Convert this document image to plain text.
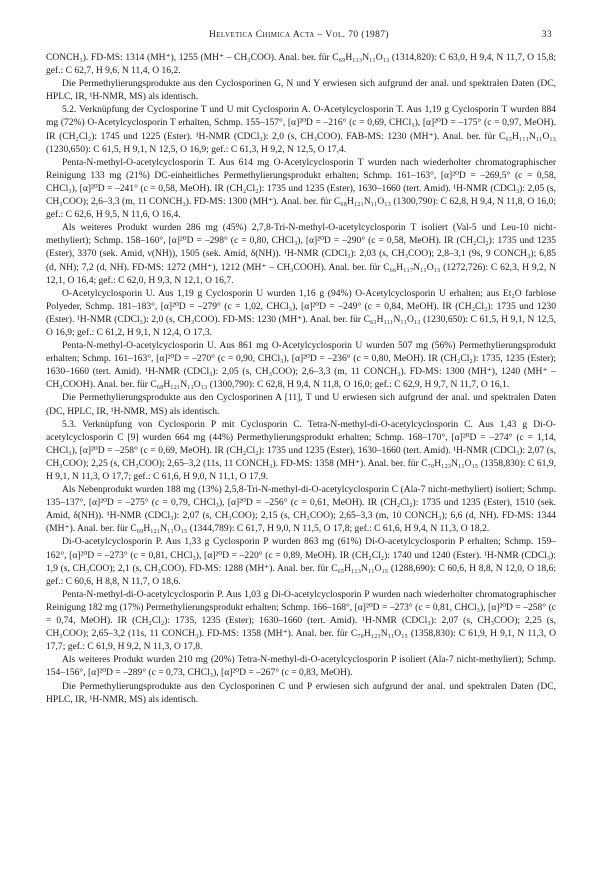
Helvetica Chimica Acta – Vol. 70 (1987)	33

CONCH₃). FD-MS: 1314 (MH⁺), 1255 (MH⁺ – CH₃COO). Anal. ber. für C₆₉H₁₁₃N₁₁O₁₃ (1314,820): C 63,0, H 9,4, N 11,7, O 15,8; gef.: C 62,7, H 9,6, N 11,4, O 16,2.

Die Permethylierungsprodukte aus den Cyclosporinen G, N und Y erwiesen sich aufgrund der anal. und spektralen Daten (DC, HPLC, IR, ¹H-NMR, MS) als identisch.

5.2. Verknüpfung der Cyclosporine T und U mit Cyclosporin A. O-Acetylcyclosporin T. Aus 1,19 g Cyclosporin T wurden 884 mg (72%) O-Acetylcyclosporin T erhalten, Schmp. 155–157°, [α]²⁰D = –216° (c = 0,69, CHCl₃), [α]²⁰D = –175° (c = 0,97, MeOH). IR (CH₂Cl₂): 1745 und 1225 (Ester). ¹H-NMR (CDCl₃): 2,0 (s, CH₃COO). FAB-MS: 1230 (MH⁺). Anal. ber. für C₆₃H₁₁₁N₁₁O₁₃ (1230,650): C 61,5, H 9,1, N 12,5, O 16,9; gef.: C 61,3, H 9,2, N 12,5, O 17,4.

Penta-N-methyl-O-acetylcyclosporin T. Aus 614 mg O-Acetylcyclosporin T wurden nach wiederholter chromatographischer Reinigung 133 mg (21%) DC-einheitliches Permethylierungsprodukt erhalten; Schmp. 161–163°, [α]²⁰D = –269,5° (c = 0,58, CHCl₃), [α]²⁰D = –241° (c = 0,58, MeOH). IR (CH₂Cl₂): 1735 und 1235 (Ester), 1630–1660 (tert. Amid). ¹H-NMR (CDCl₃): 2,05 (s, CH₃COO); 2,6–3,3 (m, 11 CONCH₃). FD-MS: 1300 (MH⁺). Anal. ber. für C₆₈H₁₂₁N₁₁O₁₃ (1300,790): C 62,8, H 9,4, N 11,8, O 16,0; gef.: C 62,6, H 9,5, N 11,6, O 16,4.

Als weiteres Produkt wurden 286 mg (45%) 2,7,8-Tri-N-methyl-O-acetylcyclosporin T isoliert (Val-5 und Leu-10 nicht-methyliert); Schmp. 158–160°, [α]²⁰D = –298° (c = 0,80, CHCl₃), [α]²⁰D = –290° (c = 0,58, MeOH). IR (CH₂Cl₂): 1735 und 1235 (Ester), 3370 (sek. Amid, ν(NH)), 1505 (sek. Amid, δ(NH)). ¹H-NMR (CDCl₃): 2,03 (s, CH₃COO); 2,8–3,1 (9s, 9 CONCH₃); 6,85 (d, NH); 7,2 (d, NH). FD-MS: 1272 (MH⁺), 1212 (MH⁺ – CH₃COOH). Anal. ber. für C₆₆H₁₁₇N₁₁O₁₃ (1272,726): C 62,3, H 9,2, N 12,1, O 16,4; gef.: C 62,0, H 9,3, N 12,1, O 16,7.

O-Acetylcyclosporin U. Aus 1,19 g Cyclosporin U wurden 1,16 g (94%) O-Acetylcyclosporin U erhalten; aus Et₂O farblose Polyeder, Schmp. 181–183°, [α]²⁰D = –279° (c = 1,02, CHCl₃), [α]²⁰D = –249° (c = 0,84, MeOH). IR (CH₂Cl₂): 1735 und 1230 (Ester). ¹H-NMR (CDCl₃): 2,0 (s, CH₃COO). FD-MS: 1230 (MH⁺). Anal. ber. für C₆₃H₁₁₁N₁₁O₁₃ (1230,650): C 61,5, H 9,1, N 12,5, O 16,9; gef.: C 61,2, H 9,1, N 12,4, O 17,3.

Penta-N-methyl-O-acetylcyclosporin U. Aus 861 mg O-Acetylcyclosporin U wurden 507 mg (56%) Permethylierungsprodukt erhalten; Schmp. 161–163°, [α]²⁰D = –270° (c = 0,90, CHCl₃), [α]²⁰D = –236° (c = 0,80, MeOH). IR (CH₂Cl₂): 1735, 1235 (Ester); 1630–1660 (tert. Amid). ¹H-NMR (CDCl₃): 2,05 (s, CH₃COO); 2,6–3,3 (m, 11 CONCH₃). FD-MS: 1300 (MH⁺), 1240 (MH⁺ – CH₃COOH). Anal. ber. für C₆₈H₁₂₁N₁₁O₁₃ (1300,790): C 62,8, H 9,4, N 11,8, O 16,0; gef.: C 62,9, H 9,7, N 11,7, O 16,1.

Die Permethylierungsprodukte aus den Cyclosporinen A [11], T und U erwiesen sich aufgrund der anal. und spektralen Daten (DC, HPLC, IR, ¹H-NMR, MS) als identisch.

5.3. Verknüpfung von Cyclosporin P mit Cyclosporin C. Tetra-N-methyl-di-O-acetylcyclosporin C. Aus 1,43 g Di-O-acetylcyclosporin C [9] wurden 664 mg (44%) Permethylierungsprodukt erhalten; Schmp. 168–170°, [α]²⁰D = –274° (c = 1,14, CHCl₃), [α]²⁰D = –258° (c = 0,69, MeOH). IR (CH₂Cl₂): 1735 und 1235 (Ester), 1630–1660 (tert. Amid). ¹H-NMR (CDCl₃): 2,07 (s, CH₃COO); 2,25 (s, CH₃COO); 2,65–3,2 (11s, 11 CONCH₃). FD-MS: 1358 (MH⁺). Anal. ber. für C₇₀H₁₂₃N₁₁O₁₅ (1358,830): C 61,9, H 9,1, N 11,3, O 17,7; gef.: C 61,6, H 9,0, N 11,1, O 17,9.

Als Nebenprodukt wurden 188 mg (13%) 2,5,8-Tri-N-methyl-di-O-acetylcyclosporin C (Ala-7 nicht-methyliert) isoliert; Schmp. 135–137°, [α]²⁰D = –275° (c = 0,79, CHCl₃), [α]²⁰D = –256° (c = 0,61, MeOH). IR (CH₂Cl₂): 1735 und 1235 (Ester), 1510 (sek. Amid, δ(NH)). ¹H-NMR (CDCl₃): 2,07 (s, CH₃COO); 2,15 (s, CH₃COO); 2,65–3,3 (m, 10 CONCH₃); 6,6 (d, NH). FD-MS: 1344 (MH⁺). Anal. ber. für C₆₉H₁₂₁N₁₁O₁₅ (1344,789): C 61,7, H 9,0, N 11,5, O 17,8; gef.: C 61,6, H 9,4, N 11,3, O 18,2.

Di-O-acetylcyclosporin P. Aus 1,33 g Cyclosporin P wurden 863 mg (61%) Di-O-acetylcyclosporin P erhalten; Schmp. 159–162°, [α]²⁰D = –273° (c = 0,81, CHCl₃), [α]²⁰D = –220° (c = 0,89, MeOH). IR (CH₂Cl₂): 1740 und 1240 (Ester). ¹H-NMR (CDCl₃): 1,9 (s, CH₃COO); 2,1 (s, CH₃COO). FD-MS: 1288 (MH⁺). Anal. ber. für C₆₅H₁₁₃N₁₁O₁₅ (1288,690): C 60,6, H 8,8, N 12,0, O 18,6; gef.: C 60,6, H 8,8, N 11,7, O 18,6.

Penta-N-methyl-di-O-acetylcyclosporin P. Aus 1,03 g Di-O-acetylcyclosporin P wurden nach wiederholter chromatographischer Reinigung 182 mg (17%) Permethylierungsprodukt erhalten; Schmp. 166–168°, [α]²⁰D = –273° (c = 0,81, CHCl₃), [α]²⁰D = –258° (c = 0,74, MeOH). IR (CH₂Cl₂): 1735, 1235 (Ester); 1630–1660 (tert. Amid). ¹H-NMR (CDCl₃): 2,07 (s, CH₃COO); 2,25 (s, CH₃COO); 2,65–3,2 (11s, 11 CONCH₃). FD-MS: 1358 (MH⁺). Anal. ber. für C₇₀H₁₂₃N₁₁O₁₅ (1358,830): C 61,9, H 9,1, N 11,3, O 17,7; gef.: C 61,9, H 9,2, N 11,3, O 17,8.

Als weiteres Produkt wurden 210 mg (20%) Tetra-N-methyl-di-O-acetylcyclosporin P isoliert (Ala-7 nicht-methyliert); Schmp. 154–156°, [α]²⁰D = –289° (c = 0,73, CHCl₃), [α]²⁰D = –267° (c = 0,83, MeOH).

Die Permethylierungsprodukte aus den Cyclosporinen C und P erwiesen sich aufgrund der anal. und spektralen Daten (DC, HPLC, IR, ¹H-NMR, MS) als identisch.
